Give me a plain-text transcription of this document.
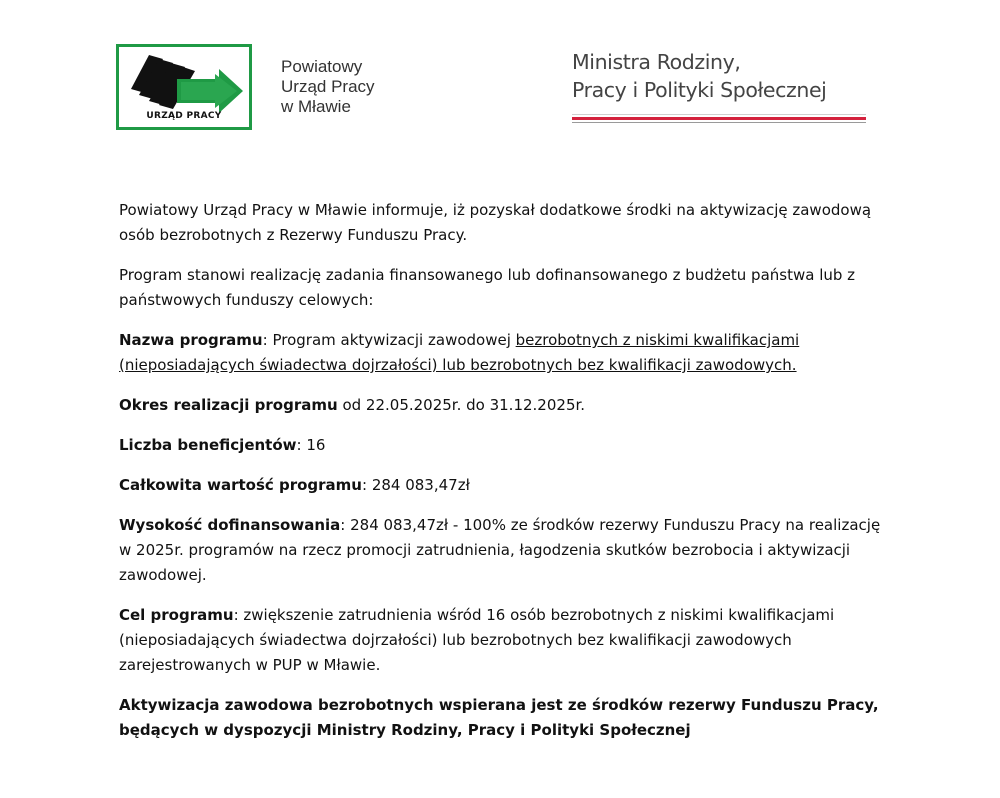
URZĄD PRACY
Powiatowy
Urząd Pracy
w Mławie
Ministra Rodziny,
Pracy i Polityki Społecznej

Powiatowy Urząd Pracy w Mławie informuje, iż pozyskał dodatkowe środki na aktywizację zawodową osób bezrobotnych z Rezerwy Funduszu Pracy.

Program stanowi realizację zadania finansowanego lub dofinansowanego z budżetu państwa lub z państwowych funduszy celowych:

Nazwa programu: Program aktywizacji zawodowej bezrobotnych z niskimi kwalifikacjami (nieposiadających świadectwa dojrzałości) lub bezrobotnych bez kwalifikacji zawodowych.

Okres realizacji programu od 22.05.2025r. do 31.12.2025r.

Liczba beneficjentów: 16

Całkowita wartość programu: 284 083,47zł

Wysokość dofinansowania: 284 083,47zł - 100% ze środków rezerwy Funduszu Pracy na realizację w 2025r. programów na rzecz promocji zatrudnienia, łagodzenia skutków bezrobocia i aktywizacji zawodowej.

Cel programu: zwiększenie zatrudnienia wśród 16 osób bezrobotnych z niskimi kwalifikacjami (nieposiadających świadectwa dojrzałości) lub bezrobotnych bez kwalifikacji zawodowych zarejestrowanych w PUP w Mławie.

Aktywizacja zawodowa bezrobotnych wspierana jest ze środków rezerwy Funduszu Pracy, będących w dyspozycji Ministry Rodziny, Pracy i Polityki Społecznej
